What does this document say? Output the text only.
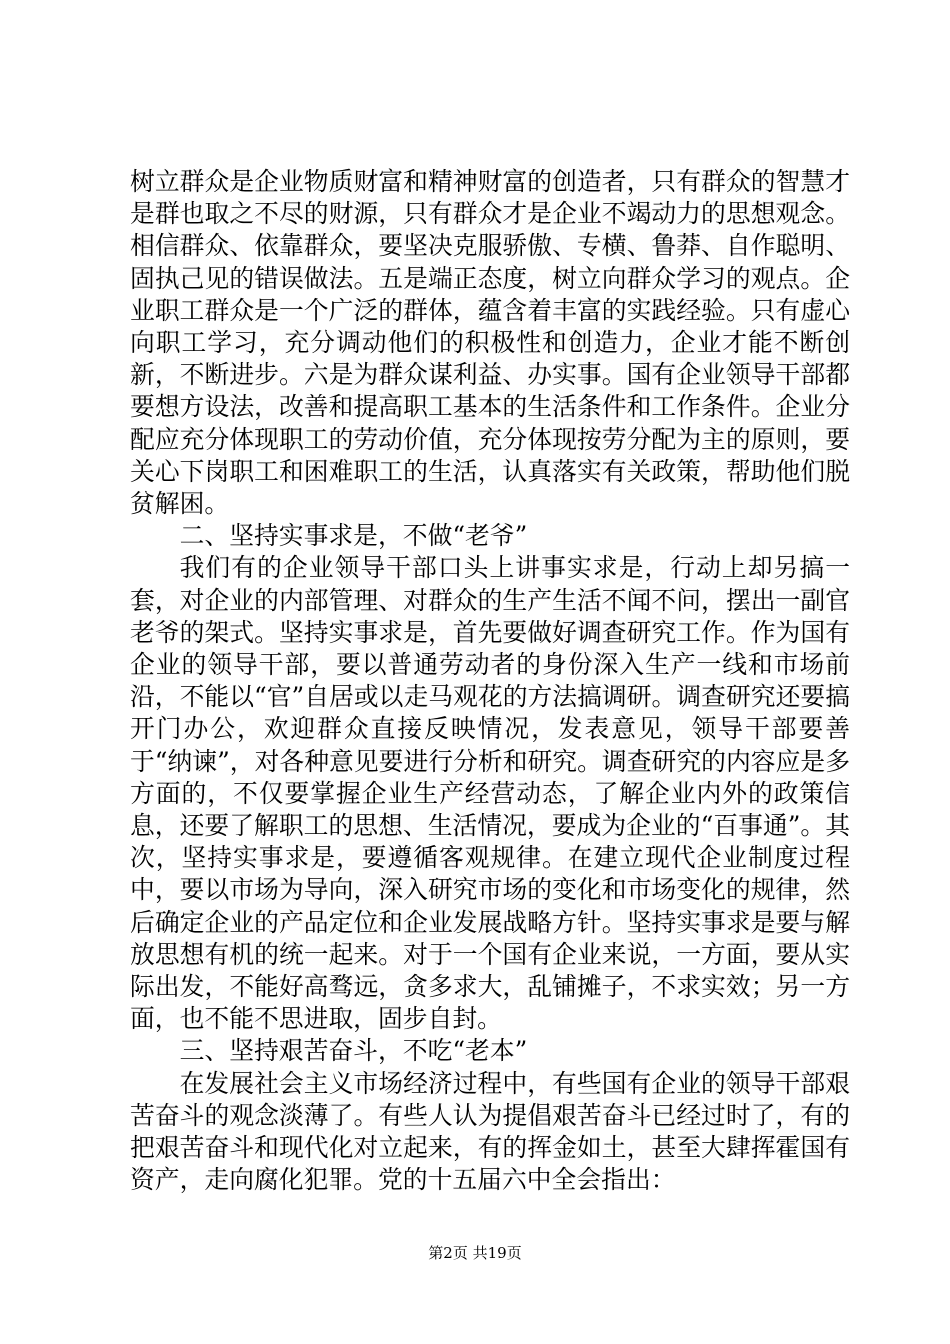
树立群众是企业物质财富和精神财富的创造者，只有群众的智慧才是群也取之不尽的财源，只有群众才是企业不竭动力的思想观念。相信群众、依靠群众，要坚决克服骄傲、专横、鲁莽、自作聪明、固执己见的错误做法。五是端正态度，树立向群众学习的观点。企业职工群众是一个广泛的群体，蕴含着丰富的实践经验。只有虚心向职工学习，充分调动他们的积极性和创造力，企业才能不断创新，不断进步。六是为群众谋利益、办实事。国有企业领导干部都要想方设法，改善和提高职工基本的生活条件和工作条件。企业分配应充分体现职工的劳动价值，充分体现按劳分配为主的原则，要关心下岗职工和困难职工的生活，认真落实有关政策，帮助他们脱贫解困。

二、坚持实事求是，不做“老爷”

我们有的企业领导干部口头上讲事实求是，行动上却另搞一套，对企业的内部管理、对群众的生产生活不闻不问，摆出一副官老爷的架式。坚持实事求是，首先要做好调查研究工作。作为国有企业的领导干部，要以普通劳动者的身份深入生产一线和市场前沿，不能以“官”自居或以走马观花的方法搞调研。调查研究还要搞开门办公，欢迎群众直接反映情况，发表意见，领导干部要善于“纳谏”，对各种意见要进行分析和研究。调查研究的内容应是多方面的，不仅要掌握企业生产经营动态，了解企业内外的政策信息，还要了解职工的思想、生活情况，要成为企业的“百事通”。其次，坚持实事求是，要遵循客观规律。在建立现代企业制度过程中，要以市场为导向，深入研究市场的变化和市场变化的规律，然后确定企业的产品定位和企业发展战略方针。坚持实事求是要与解放思想有机的统一起来。对于一个国有企业来说，一方面，要从实际出发，不能好高骛远，贪多求大，乱铺摊子，不求实效；另一方面，也不能不思进取，固步自封。

三、坚持艰苦奋斗，不吃“老本”

在发展社会主义市场经济过程中，有些国有企业的领导干部艰苦奋斗的观念淡薄了。有些人认为提倡艰苦奋斗已经过时了，有的把艰苦奋斗和现代化对立起来，有的挥金如土，甚至大肆挥霍国有资产，走向腐化犯罪。党的十五届六中全会指出：

第2页 共19页
